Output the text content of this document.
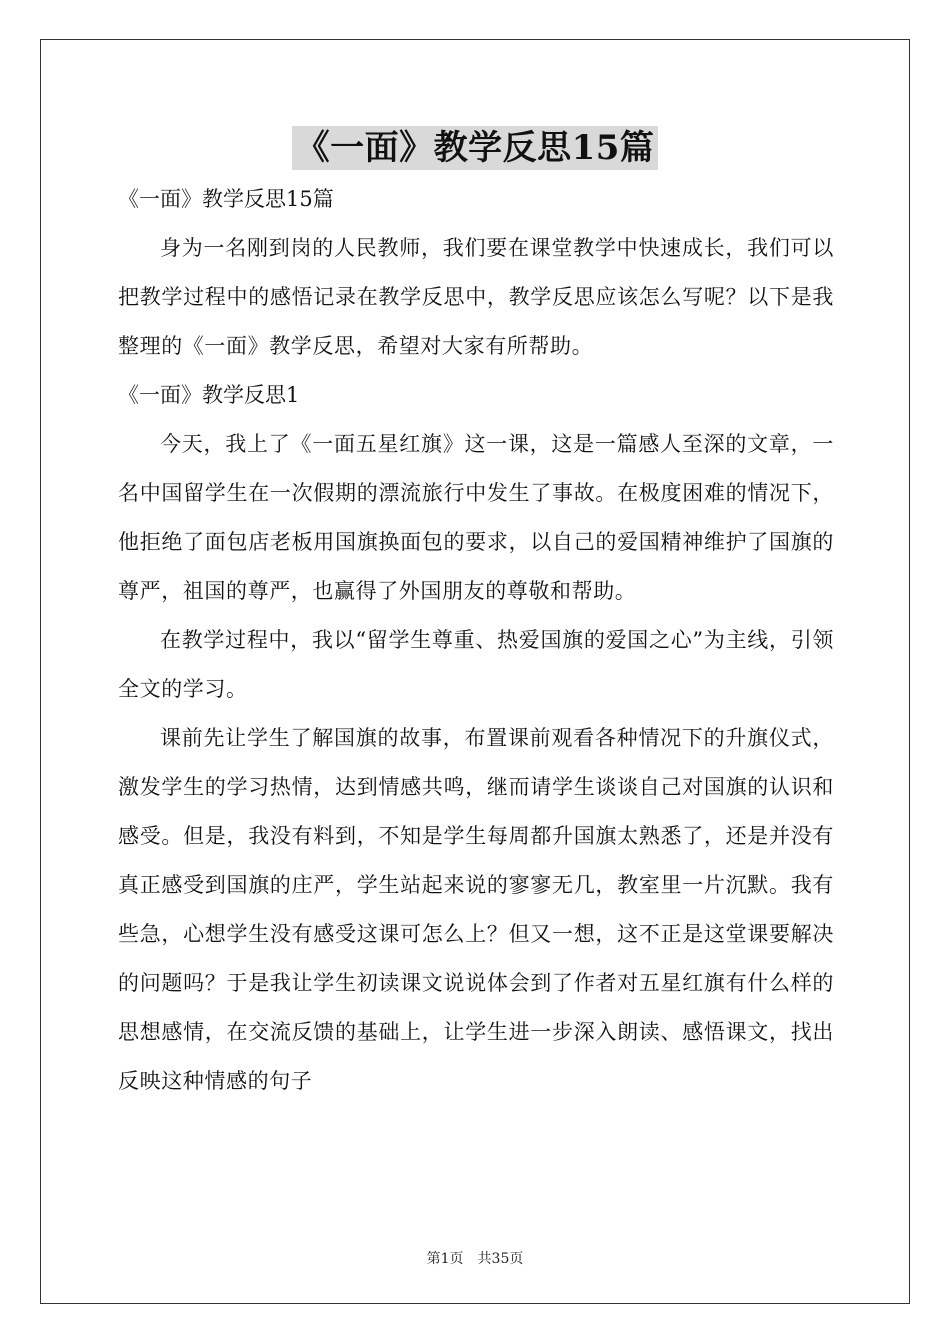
《一面》教学反思15篇

《一面》教学反思15篇

身为一名刚到岗的人民教师，我们要在课堂教学中快速成长，我们可以把教学过程中的感悟记录在教学反思中，教学反思应该怎么写呢？以下是我整理的《一面》教学反思，希望对大家有所帮助。

《一面》教学反思1

今天，我上了《一面五星红旗》这一课，这是一篇感人至深的文章，一名中国留学生在一次假期的漂流旅行中发生了事故。在极度困难的情况下，他拒绝了面包店老板用国旗换面包的要求，以自己的爱国精神维护了国旗的尊严，祖国的尊严，也赢得了外国朋友的尊敬和帮助。

在教学过程中，我以“留学生尊重、热爱国旗的爱国之心”为主线，引领全文的学习。

课前先让学生了解国旗的故事，布置课前观看各种情况下的升旗仪式，激发学生的学习热情，达到情感共鸣，继而请学生谈谈自己对国旗的认识和感受。但是，我没有料到，不知是学生每周都升国旗太熟悉了，还是并没有真正感受到国旗的庄严，学生站起来说的寥寥无几，教室里一片沉默。我有些急，心想学生没有感受这课可怎么上？但又一想，这不正是这堂课要解决的问题吗？于是我让学生初读课文说说体会到了作者对五星红旗有什么样的思想感情，在交流反馈的基础上，让学生进一步深入朗读、感悟课文，找出反映这种情感的句子

第1页 共35页
